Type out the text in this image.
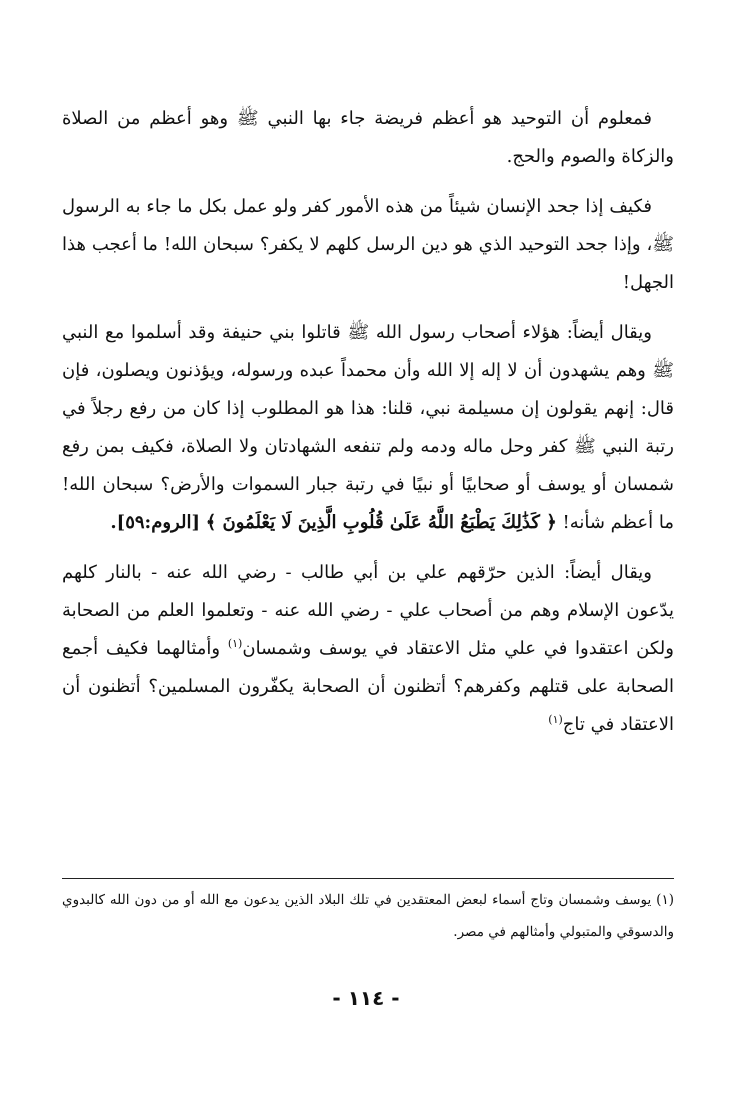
فمعلوم أن التوحيد هو أعظم فريضة جاء بها النبي ﷺ وهو أعظم من الصلاة والزكاة والصوم والحج.

فكيف إذا جحد الإنسان شيئاً من هذه الأمور كفر ولو عمل بكل ما جاء به الرسول ﷺ، وإذا جحد التوحيد الذي هو دين الرسل كلهم لا يكفر؟ سبحان الله! ما أعجب هذا الجهل!

ويقال أيضاً: هؤلاء أصحاب رسول الله ﷺ قاتلوا بني حنيفة وقد أسلموا مع النبي ﷺ وهم يشهدون أن لا إله إلا الله وأن محمداً عبده ورسوله، ويؤذنون ويصلون، فإن قال: إنهم يقولون إن مسيلمة نبي، قلنا: هذا هو المطلوب إذا كان من رفع رجلاً في رتبة النبي ﷺ كفر وحل ماله ودمه ولم تنفعه الشهادتان ولا الصلاة، فكيف بمن رفع شمسان أو يوسف أو صحابيًا أو نبيًا في رتبة جبار السموات والأرض؟ سبحان الله! ما أعظم شأنه! ﴿ كَذَٰلِكَ يَطْبَعُ اللَّهُ عَلَىٰ قُلُوبِ الَّذِينَ لَا يَعْلَمُونَ ﴾ [الروم:٥٩].

ويقال أيضاً: الذين حرّقهم علي بن أبي طالب - رضي الله عنه - بالنار كلهم يدّعون الإسلام وهم من أصحاب علي - رضي الله عنه - وتعلموا العلم من الصحابة ولكن اعتقدوا في علي مثل الاعتقاد في يوسف وشمسان$^{(١)}$ وأمثالهما فكيف أجمع الصحابة على قتلهم وكفرهم؟ أتظنون أن الصحابة يكفّرون المسلمين؟ أتظنون أن الاعتقاد في تاج$^{(١)}$

(١) يوسف وشمسان وتاج أسماء لبعض المعتقدين في تلك البلاد الذين يدعون مع الله أو من دون الله كالبدوي والدسوقي والمتبولي وأمثالهم في مصر.

- ١١٤ -
